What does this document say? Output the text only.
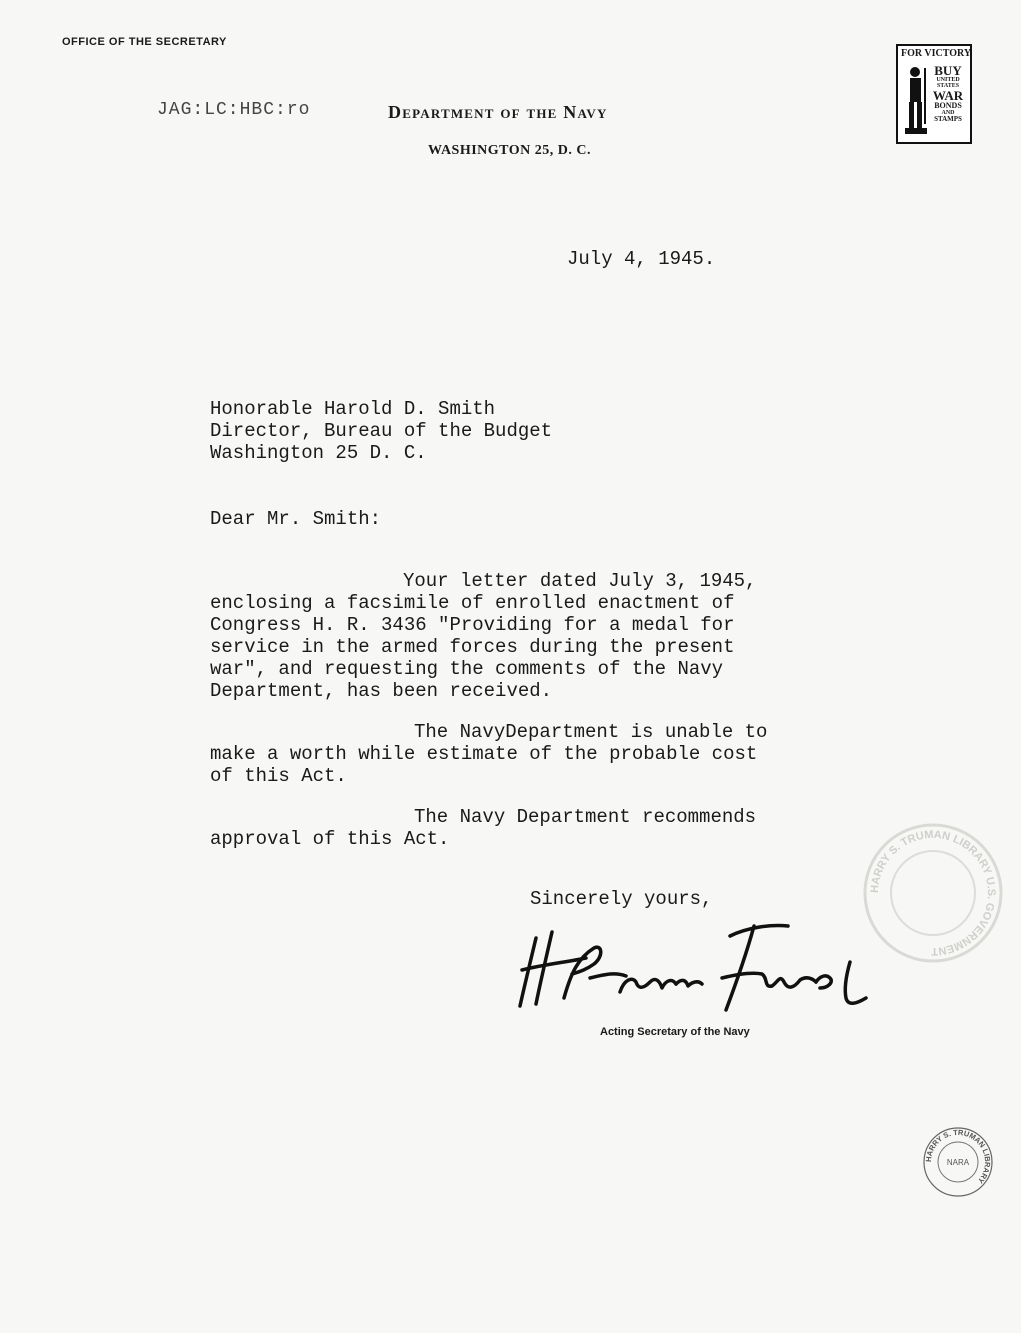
OFFICE OF THE SECRETARY
JAG:LC:HBC:ro	Department of the Navy
WASHINGTON 25, D. C.
FOR VICTORY
BUY
UNITED
STATES
WAR
BONDS
AND
STAMPS
July 4, 1945.
Honorable Harold D. Smith
Director, Bureau of the Budget
Washington 25 D. C.
Dear Mr. Smith:
Your letter dated July 3, 1945,
enclosing a facsimile of enrolled enactment of
Congress H. R. 3436 "Providing for a medal for
service in the armed forces during the present
war", and requesting the comments of the Navy
Department, has been received.
The NavyDepartment is unable to
make a worth while estimate of the probable cost
of this Act.
The Navy Department recommends
approval of this Act.
Sincerely yours,
Acting Secretary of the Navy
HARRY S. TRUMAN LIBRARY U.S. GOVERNMENT
HARRY S. TRUMAN LIBRARY
NARA
